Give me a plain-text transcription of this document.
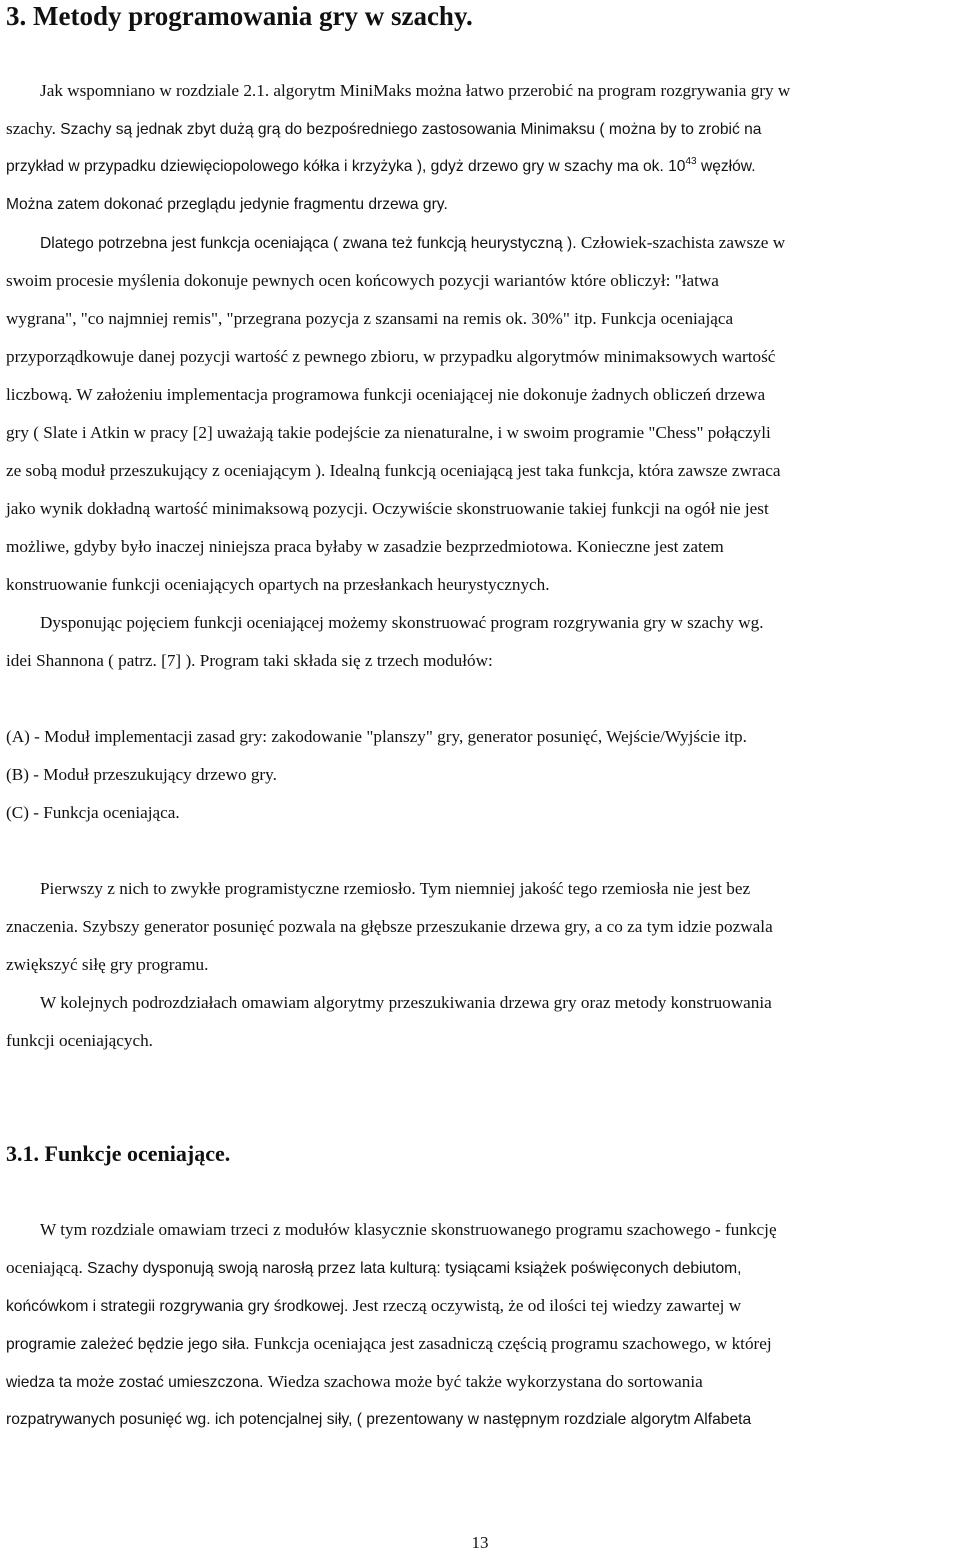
3. Metody programowania gry w szachy.
Jak wspomniano w rozdziale 2.1. algorytm MiniMaks można łatwo przerobić na program rozgrywania gry w
szachy. Szachy są jednak zbyt dużą grą do bezpośredniego zastosowania Minimaksu ( można by to zrobić na
przykład w przypadku dziewięciopolowego kółka i krzyżyka ), gdyż drzewo gry w szachy ma ok. $10^{43}$ węzłów.
Można zatem dokonać przeglądu jedynie fragmentu drzewa gry.
Dlatego potrzebna jest funkcja oceniająca ( zwana też funkcją heurystyczną ). Człowiek-szachista zawsze w
swoim procesie myślenia dokonuje pewnych ocen końcowych pozycji wariantów które obliczył: "łatwa
wygrana", "co najmniej remis", "przegrana pozycja z szansami na remis ok. 30%" itp. Funkcja oceniająca
przyporządkowuje danej pozycji wartość z pewnego zbioru, w przypadku algorytmów minimaksowych wartość
liczbową. W założeniu implementacja programowa funkcji oceniającej nie dokonuje żadnych obliczeń drzewa
gry ( Slate i Atkin w pracy [2] uważają takie podejście za nienaturalne, i w swoim programie "Chess" połączyli
ze sobą moduł przeszukujący z oceniającym ). Idealną funkcją oceniającą jest taka funkcja, która zawsze zwraca
jako wynik dokładną wartość minimaksową pozycji. Oczywiście skonstruowanie takiej funkcji na ogół nie jest
możliwe, gdyby było inaczej niniejsza praca byłaby w zasadzie bezprzedmiotowa. Konieczne jest zatem
konstruowanie funkcji oceniających opartych na przesłankach heurystycznych.
Dysponując pojęciem funkcji oceniającej możemy skonstruować program rozgrywania gry w szachy wg.
idei Shannona ( patrz. [7] ). Program taki składa się z trzech modułów:
(A) - Moduł implementacji zasad gry: zakodowanie "planszy" gry, generator posunięć, Wejście/Wyjście itp.
(B) - Moduł przeszukujący drzewo gry.
(C) - Funkcja oceniająca.
Pierwszy z nich to zwykłe programistyczne rzemiosło. Tym niemniej jakość tego rzemiosła nie jest bez
znaczenia. Szybszy generator posunięć pozwala na głębsze przeszukanie drzewa gry, a co za tym idzie pozwala
zwiększyć siłę gry programu.
W kolejnych podrozdziałach omawiam algorytmy przeszukiwania drzewa gry oraz metody konstruowania
funkcji oceniających.
3.1. Funkcje oceniające.
W tym rozdziale omawiam trzeci z modułów klasycznie skonstruowanego programu szachowego - funkcję
oceniającą. Szachy dysponują swoją narosłą przez lata kulturą: tysiącami książek poświęconych debiutom,
końcówkom i strategii rozgrywania gry środkowej. Jest rzeczą oczywistą, że od ilości tej wiedzy zawartej w
programie zależeć będzie jego siła. Funkcja oceniająca jest zasadniczą częścią programu szachowego, w której
wiedza ta może zostać umieszczona. Wiedza szachowa może być także wykorzystana do sortowania
rozpatrywanych posunięć wg. ich potencjalnej siły, ( prezentowany w następnym rozdziale algorytm Alfabeta
13
